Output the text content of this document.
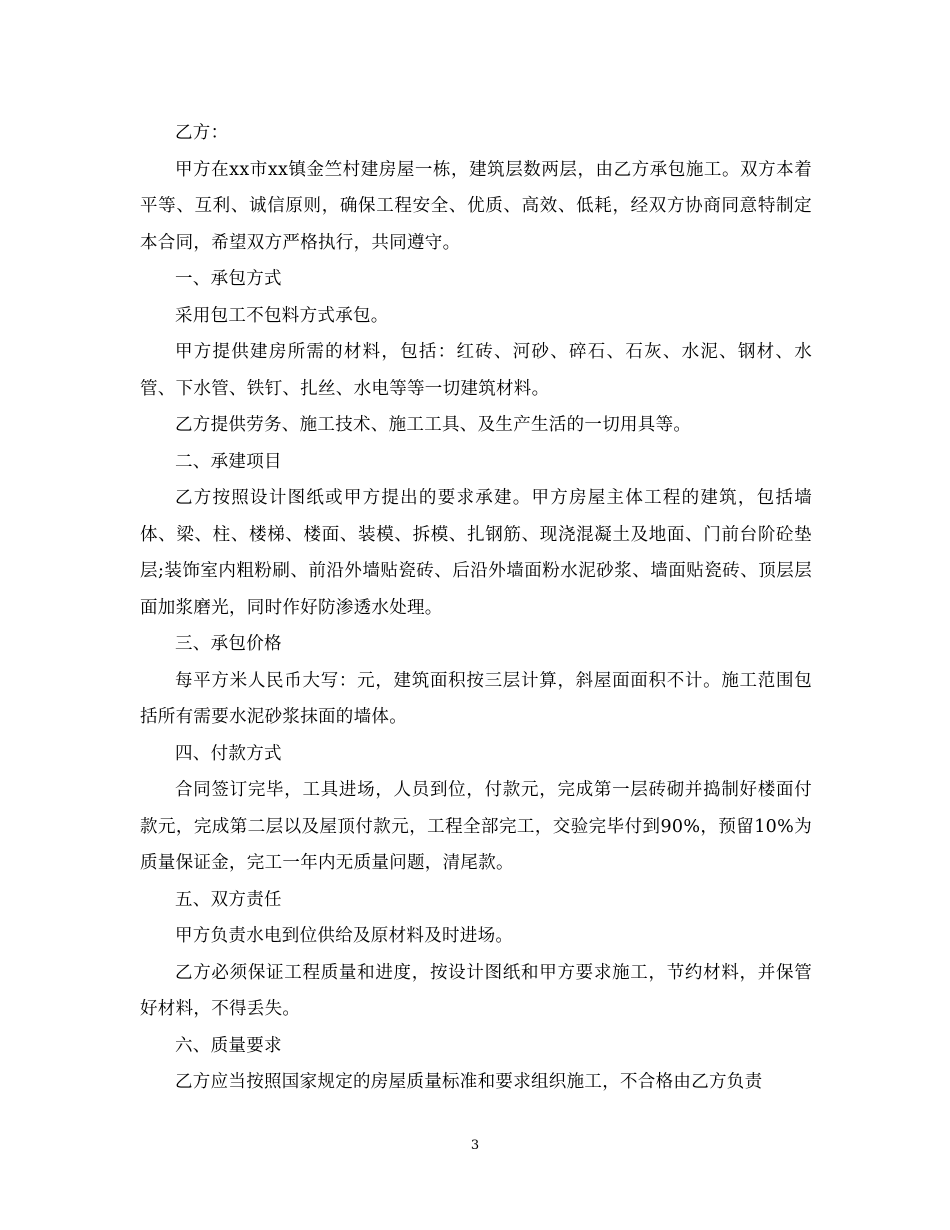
乙方：

甲方在xx市xx镇金竺村建房屋一栋，建筑层数两层，由乙方承包施工。双方本着平等、互利、诚信原则，确保工程安全、优质、高效、低耗，经双方协商同意特制定本合同，希望双方严格执行，共同遵守。

一、承包方式

采用包工不包料方式承包。

甲方提供建房所需的材料，包括：红砖、河砂、碎石、石灰、水泥、钢材、水管、下水管、铁钉、扎丝、水电等等一切建筑材料。

乙方提供劳务、施工技术、施工工具、及生产生活的一切用具等。

二、承建项目

乙方按照设计图纸或甲方提出的要求承建。甲方房屋主体工程的建筑，包括墙体、梁、柱、楼梯、楼面、装模、拆模、扎钢筋、现浇混凝土及地面、门前台阶砼垫层;装饰室内粗粉刷、前沿外墙贴瓷砖、后沿外墙面粉水泥砂浆、墙面贴瓷砖、顶层层面加浆磨光，同时作好防渗透水处理。

三、承包价格

每平方米人民币大写：元，建筑面积按三层计算，斜屋面面积不计。施工范围包括所有需要水泥砂浆抹面的墙体。

四、付款方式

合同签订完毕，工具进场，人员到位，付款元，完成第一层砖砌并捣制好楼面付款元，完成第二层以及屋顶付款元，工程全部完工，交验完毕付到90%，预留10%为质量保证金，完工一年内无质量问题，清尾款。

五、双方责任

甲方负责水电到位供给及原材料及时进场。

乙方必须保证工程质量和进度，按设计图纸和甲方要求施工，节约材料，并保管好材料，不得丢失。

六、质量要求

乙方应当按照国家规定的房屋质量标准和要求组织施工，不合格由乙方负责

3
